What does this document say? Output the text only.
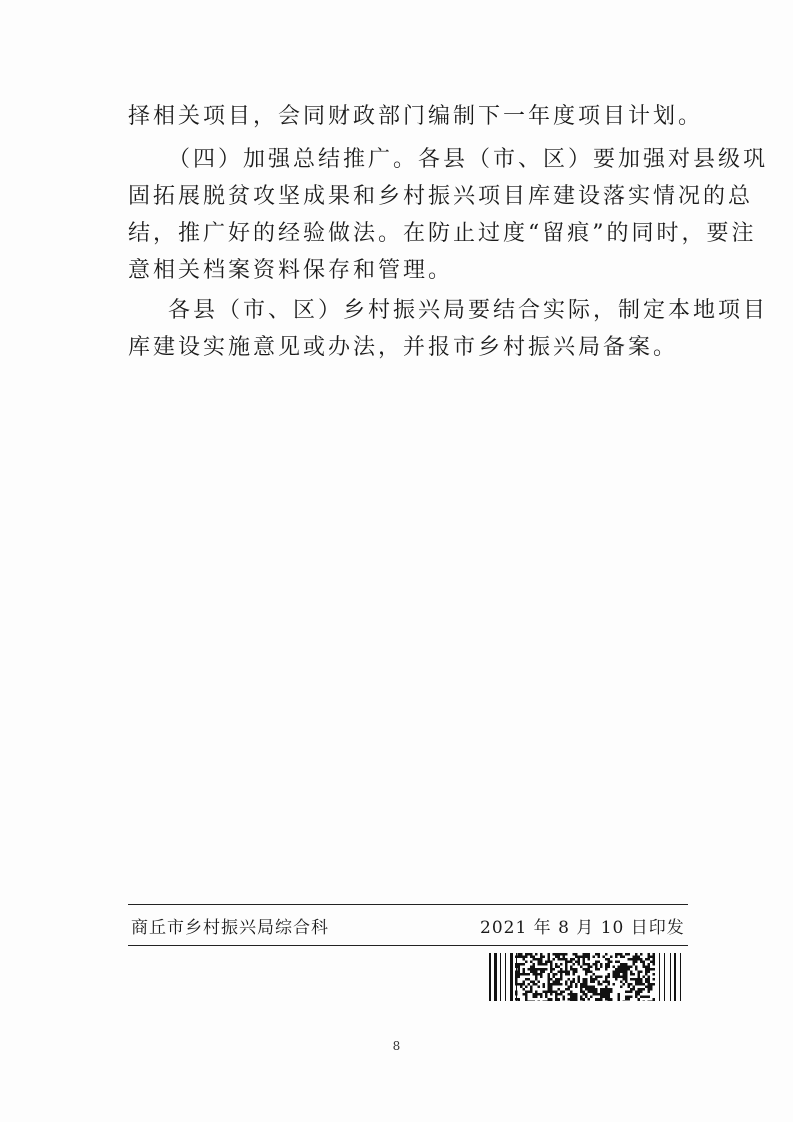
择相关项目，会同财政部门编制下一年度项目计划。
（四）加强总结推广。各县（市、区）要加强对县级巩
固拓展脱贫攻坚成果和乡村振兴项目库建设落实情况的总
结，推广好的经验做法。在防止过度“留痕”的同时，要注
意相关档案资料保存和管理。
各县（市、区）乡村振兴局要结合实际，制定本地项目
库建设实施意见或办法，并报市乡村振兴局备案。
商丘市乡村振兴局综合科	2021 年 8 月 10 日印发
8
